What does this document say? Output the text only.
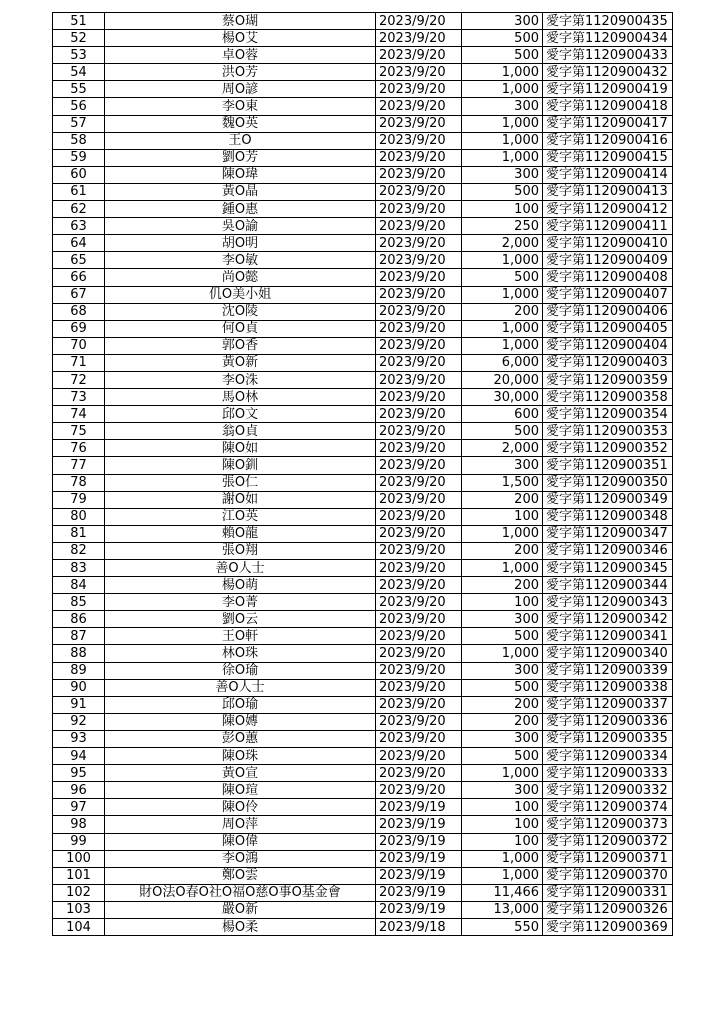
51	蔡O瑚	2023/9/20	300	愛字第1120900435
52	楊O艾	2023/9/20	500	愛字第1120900434
53	卓O蓉	2023/9/20	500	愛字第1120900433
54	洪O芳	2023/9/20	1,000	愛字第1120900432
55	周O諺	2023/9/20	1,000	愛字第1120900419
56	李O東	2023/9/20	300	愛字第1120900418
57	魏O英	2023/9/20	1,000	愛字第1120900417
58	王O	2023/9/20	1,000	愛字第1120900416
59	劉O芳	2023/9/20	1,000	愛字第1120900415
60	陳O瑋	2023/9/20	300	愛字第1120900414
61	黃O晶	2023/9/20	500	愛字第1120900413
62	鍾O惠	2023/9/20	100	愛字第1120900412
63	吳O諭	2023/9/20	250	愛字第1120900411
64	胡O明	2023/9/20	2,000	愛字第1120900410
65	李O敏	2023/9/20	1,000	愛字第1120900409
66	尚O懿	2023/9/20	500	愛字第1120900408
67	仉O美小姐	2023/9/20	1,000	愛字第1120900407
68	沈O陵	2023/9/20	200	愛字第1120900406
69	何O貞	2023/9/20	1,000	愛字第1120900405
70	郭O香	2023/9/20	1,000	愛字第1120900404
71	黃O新	2023/9/20	6,000	愛字第1120900403
72	李O洙	2023/9/20	20,000	愛字第1120900359
73	馬O林	2023/9/20	30,000	愛字第1120900358
74	邱O文	2023/9/20	600	愛字第1120900354
75	翁O貞	2023/9/20	500	愛字第1120900353
76	陳O如	2023/9/20	2,000	愛字第1120900352
77	陳O釧	2023/9/20	300	愛字第1120900351
78	張O仁	2023/9/20	1,500	愛字第1120900350
79	謝O如	2023/9/20	200	愛字第1120900349
80	江O英	2023/9/20	100	愛字第1120900348
81	賴O龍	2023/9/20	1,000	愛字第1120900347
82	張O翔	2023/9/20	200	愛字第1120900346
83	善O人士	2023/9/20	1,000	愛字第1120900345
84	楊O萌	2023/9/20	200	愛字第1120900344
85	李O菁	2023/9/20	100	愛字第1120900343
86	劉O云	2023/9/20	300	愛字第1120900342
87	王O軒	2023/9/20	500	愛字第1120900341
88	林O珠	2023/9/20	1,000	愛字第1120900340
89	徐O瑜	2023/9/20	300	愛字第1120900339
90	善O人士	2023/9/20	500	愛字第1120900338
91	邱O瑜	2023/9/20	200	愛字第1120900337
92	陳O嫥	2023/9/20	200	愛字第1120900336
93	彭O蕙	2023/9/20	300	愛字第1120900335
94	陳O珠	2023/9/20	500	愛字第1120900334
95	黃O宣	2023/9/20	1,000	愛字第1120900333
96	陳O瑄	2023/9/20	300	愛字第1120900332
97	陳O伶	2023/9/19	100	愛字第1120900374
98	周O萍	2023/9/19	100	愛字第1120900373
99	陳O偉	2023/9/19	100	愛字第1120900372
100	李O鴻	2023/9/19	1,000	愛字第1120900371
101	鄭O雲	2023/9/19	1,000	愛字第1120900370
102	財O法O春O社O福O慈O事O基金會	2023/9/19	11,466	愛字第1120900331
103	嚴O新	2023/9/19	13,000	愛字第1120900326
104	楊O柔	2023/9/18	550	愛字第1120900369
